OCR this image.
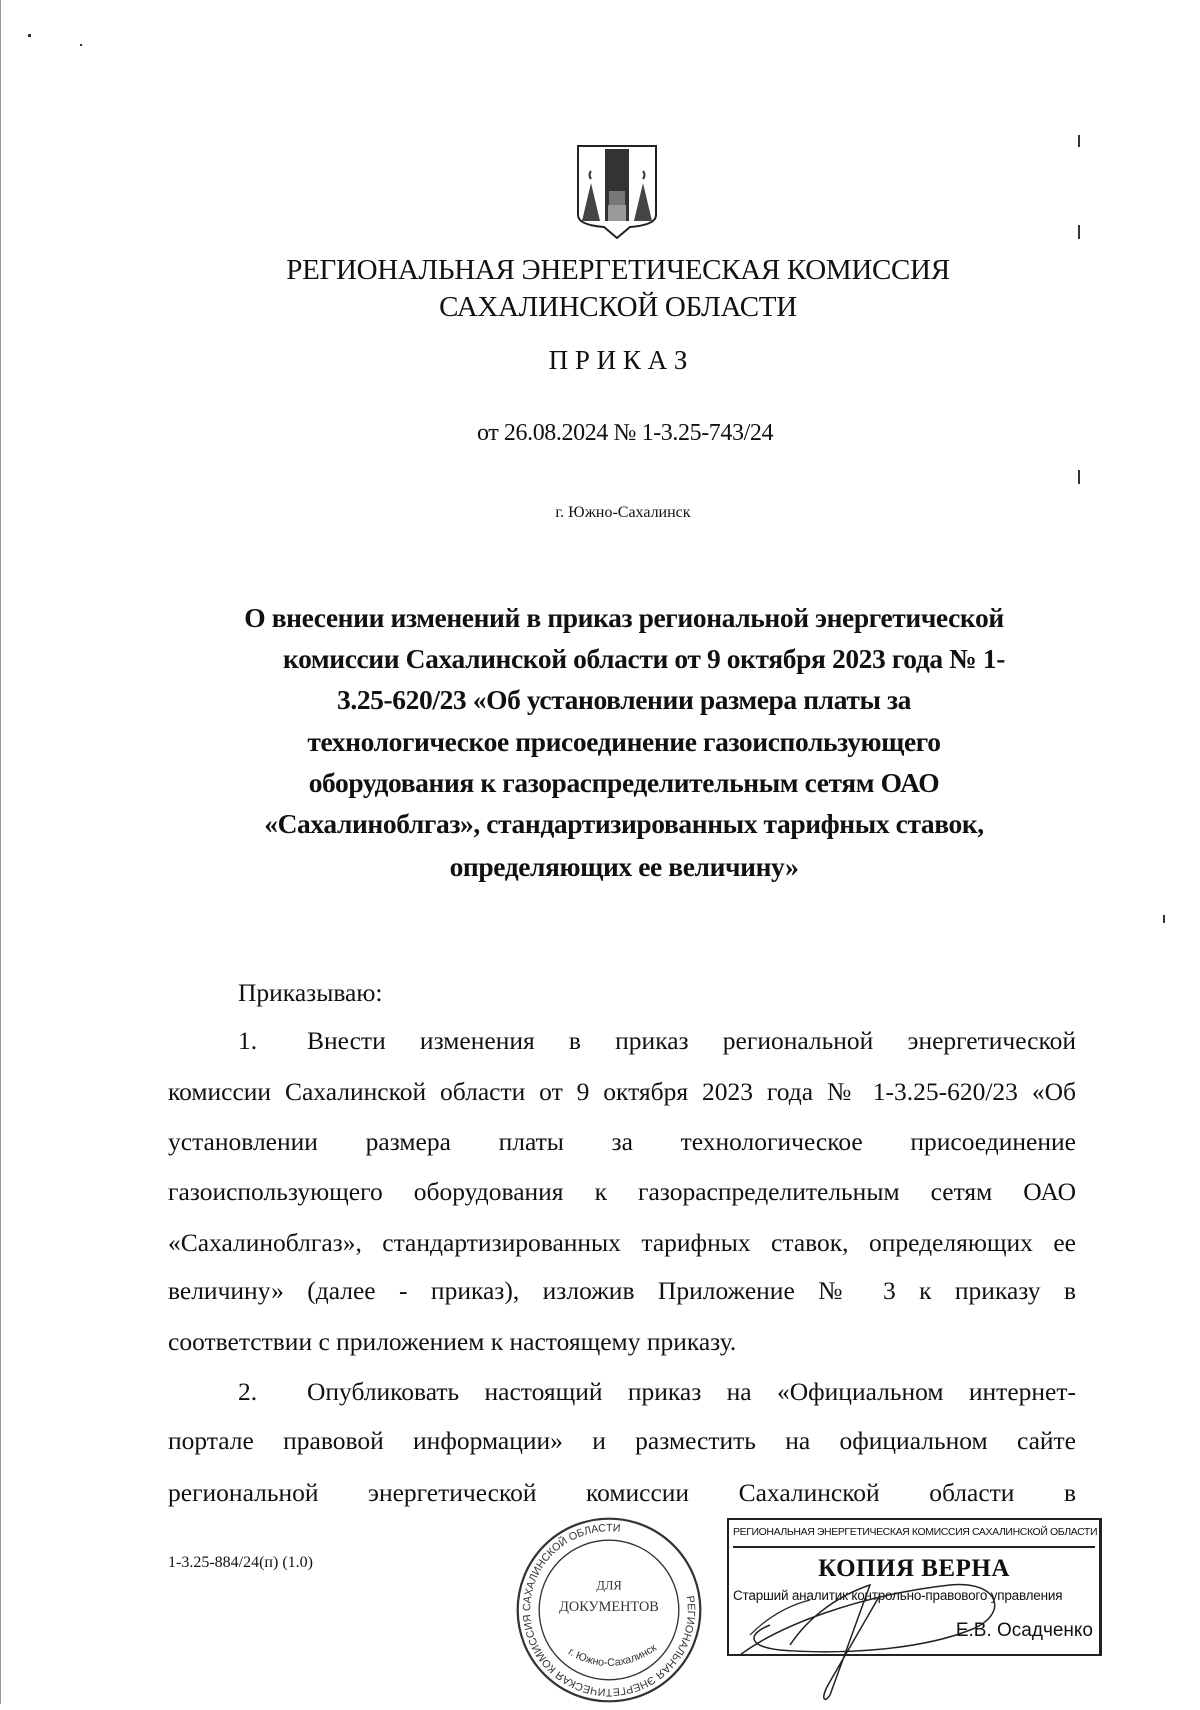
РЕГИОНАЛЬНАЯ ЭНЕРГЕТИЧЕСКАЯ КОМИССИЯ
САХАЛИНСКОЙ ОБЛАСТИ
П Р И К А З
от 26.08.2024 № 1-3.25-743/24
г. Южно-Сахалинск
О внесении изменений в приказ региональной энергетической
комиссии Сахалинской области от 9 октября 2023 года № 1-
3.25-620/23 «Об установлении размера платы за
технологическое присоединение газоиспользующего
оборудования к газораспределительным сетям ОАО
«Сахалиноблгаз», стандартизированных тарифных ставок,
определяющих ее величину»
Приказываю:
1. Внести изменения в приказ региональной энергетической
комиссии Сахалинской области от 9 октября 2023 года № 1-3.25-620/23 «Об
установлении размера платы за технологическое присоединение
газоиспользующего оборудования к газораспределительным сетям ОАО
«Сахалиноблгаз», стандартизированных тарифных ставок, определяющих ее
величину» (далее - приказ), изложив Приложение № 3 к приказу в
соответствии с приложением к настоящему приказу.
2. Опубликовать настоящий приказ на «Официальном интернет-
портале правовой информации» и разместить на официальном сайте
региональной энергетической комиссии Сахалинской области в
1-3.25-884/24(п) (1.0)
РЕГИОНАЛЬНАЯ ЭНЕРГЕТИЧЕСКАЯ КОМИССИЯ САХАЛИНСКОЙ ОБЛАСТИ
г. Южно-Сахалинск
ДЛЯ
ДОКУМЕНТОВ
РЕГИОНАЛЬНАЯ ЭНЕРГЕТИЧЕСКАЯ КОМИССИЯ САХАЛИНСКОЙ ОБЛАСТИ
КОПИЯ ВЕРНА
Старший аналитик контрольно-правового управления
Е.В. Осадченко
